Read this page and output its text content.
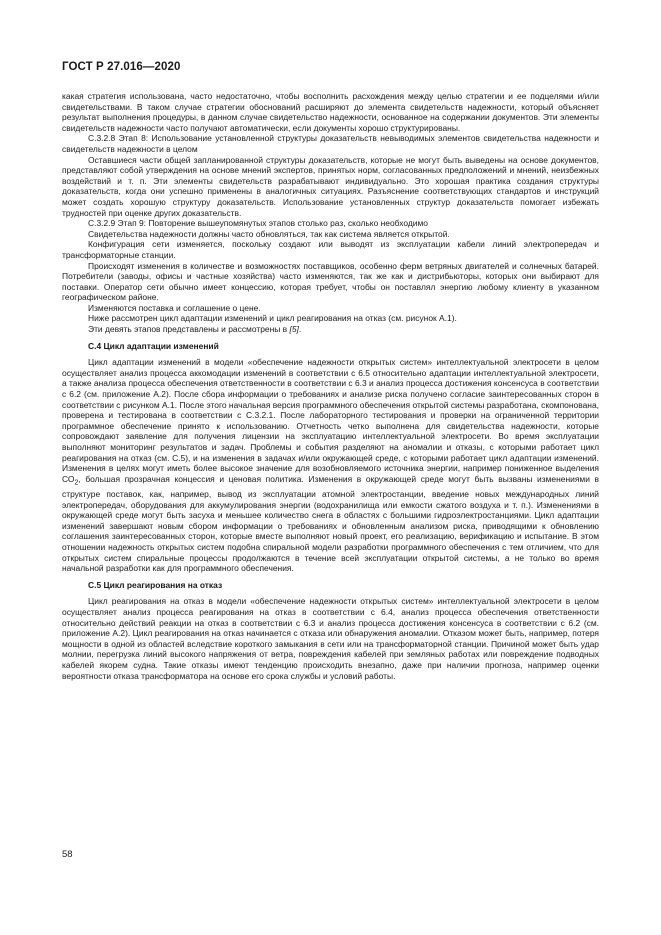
ГОСТ Р 27.016—2020

какая стратегия использована, часто недостаточно, чтобы восполнить расхождения между целью стратегии и ее подцелями и/или свидетельствами. В таком случае стратегии обоснований расширяют до элемента свидетельств надежности, который объясняет результат выполнения процедуры, в данном случае свидетельство надежности, основанное на содержании документов. Эти элементы свидетельств надежности часто получают автоматически, если документы хорошо структурированы.

С.3.2.8 Этап 8: Использование установленной структуры доказательств невыводимых элементов свидетельства надежности и свидетельств надежности в целом

Оставшиеся части общей запланированной структуры доказательств, которые не могут быть выведены на основе документов, представляют собой утверждения на основе мнений экспертов, принятых норм, согласованных предположений и мнений, неизбежных воздействий и т. п. Эти элементы свидетельств разрабатывают индивидуально. Это хорошая практика создания структуры доказательств, когда они успешно применены в аналогичных ситуациях. Разъяснение соответствующих стандартов и инструкций может создать хорошую структуру доказательств. Использование установленных структур доказательств помогает избежать трудностей при оценке других доказательств.

С.3.2.9 Этап 9: Повторение вышеупомянутых этапов столько раз, сколько необходимо

Свидетельства надежности должны часто обновляться, так как система является открытой.

Конфигурация сети изменяется, поскольку создают или выводят из эксплуатации кабели линий электропередач и трансформаторные станции.

Происходят изменения в количестве и возможностях поставщиков, особенно ферм ветряных двигателей и солнечных батарей. Потребители (заводы, офисы и частные хозяйства) часто изменяются, так же как и дистрибьюторы, которых они выбирают для поставки. Оператор сети обычно имеет концессию, которая требует, чтобы он поставлял энергию любому клиенту в указанном географическом районе.

Изменяются поставка и соглашение о цене.

Ниже рассмотрен цикл адаптации изменений и цикл реагирования на отказ (см. рисунок А.1).

Эти девять этапов представлены и рассмотрены в [5].

С.4 Цикл адаптации изменений

Цикл адаптации изменений в модели «обеспечение надежности открытых систем» интеллектуальной электросети в целом осуществляет анализ процесса аккомодации изменений в соответствии с 6.5 относительно адаптации интеллектуальной электросети, а также анализа процесса обеспечения ответственности в соответствии с 6.3 и анализ процесса достижения консенсуса в соответствии с 6.2 (см. приложение А.2). После сбора информации о требованиях и анализе риска получено согласие заинтересованных сторон в соответствии с рисунком А.1. После этого начальная версия программного обеспечения открытой системы разработана, скомпонована, проверена и тестирована в соответствии с С.3.2.1. После лабораторного тестирования и проверки на ограниченной территории программное обеспечение принято к использованию. Отчетность четко выполнена для свидетельства надежности, которые сопровождают заявление для получения лицензии на эксплуатацию интеллектуальной электросети. Во время эксплуатации выполняют мониторинг результатов и задач. Проблемы и события разделяют на аномалии и отказы, с которыми работает цикл реагирования на отказ (см. С.5), и на изменения в задачах и/или окружающей среде, с которыми работает цикл адаптации изменений. Изменения в целях могут иметь более высокое значение для возобновляемого источника энергии, например пониженное выделения $СО_2$, большая прозрачная концессия и ценовая политика. Изменения в окружающей среде могут быть вызваны изменениями в структуре поставок, как, например, вывод из эксплуатации атомной электростанции, введение новых международных линий электропередач, оборудования для аккумулирования энергии (водохранилища или емкости сжатого воздуха и т. п.). Изменениями в окружающей среде могут быть засуха и меньшее количество снега в областях с большими гидроэлектростанциями. Цикл адаптации изменений завершают новым сбором информации о требованиях и обновленным анализом риска, приводящими к обновлению соглашения заинтересованных сторон, которые вместе выполняют новый проект, его реализацию, верификацию и испытание. В этом отношении надежность открытых систем подобна спиральной модели разработки программного обеспечения с тем отличием, что для открытых систем спиральные процессы продолжаются в течение всей эксплуатации открытой системы, а не только во время начальной разработки как для программного обеспечения.

С.5 Цикл реагирования на отказ

Цикл реагирования на отказ в модели «обеспечение надежности открытых систем» интеллектуальной электросети в целом осуществляет анализ процесса реагирования на отказ в соответствии с 6.4, анализ процесса обеспечения ответственности относительно действий реакции на отказ в соответствии с 6.3 и анализ процесса достижения консенсуса в соответствии с 6.2 (см. приложение А.2). Цикл реагирования на отказ начинается с отказа или обнаружения аномалии. Отказом может быть, например, потеря мощности в одной из областей вследствие короткого замыкания в сети или на трансформаторной станции. Причиной может быть удар молнии, перегрузка линий высокого напряжения от ветра, повреждения кабелей при земляных работах или повреждение подводных кабелей якорем судна. Такие отказы имеют тенденцию происходить внезапно, даже при наличии прогноза, например оценки вероятности отказа трансформатора на основе его срока службы и условий работы.

58
